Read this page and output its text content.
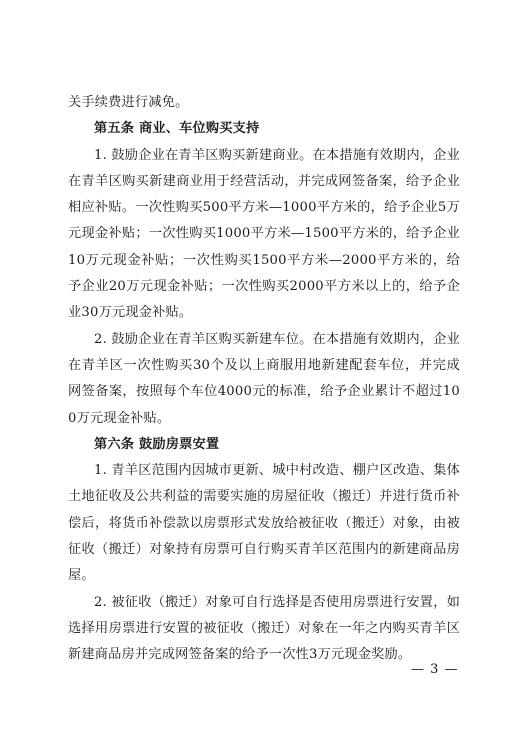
关手续费进行减免。

第五条 商业、车位购买支持

1. 鼓励企业在青羊区购买新建商业。在本措施有效期内，企业在青羊区购买新建商业用于经营活动，并完成网签备案，给予企业相应补贴。一次性购买500平方米—1000平方米的，给予企业5万元现金补贴；一次性购买1000平方米—1500平方米的，给予企业10万元现金补贴；一次性购买1500平方米—2000平方米的，给予企业20万元现金补贴；一次性购买2000平方米以上的，给予企业30万元现金补贴。

2. 鼓励企业在青羊区购买新建车位。在本措施有效期内，企业在青羊区一次性购买30个及以上商服用地新建配套车位，并完成网签备案，按照每个车位4000元的标准，给予企业累计不超过100万元现金补贴。

第六条 鼓励房票安置

1. 青羊区范围内因城市更新、城中村改造、棚户区改造、集体土地征收及公共利益的需要实施的房屋征收（搬迁）并进行货币补偿后，将货币补偿款以房票形式发放给被征收（搬迁）对象，由被征收（搬迁）对象持有房票可自行购买青羊区范围内的新建商品房屋。

2. 被征收（搬迁）对象可自行选择是否使用房票进行安置，如选择用房票进行安置的被征收（搬迁）对象在一年之内购买青羊区新建商品房并完成网签备案的给予一次性3万元现金奖励。

— 3 —
